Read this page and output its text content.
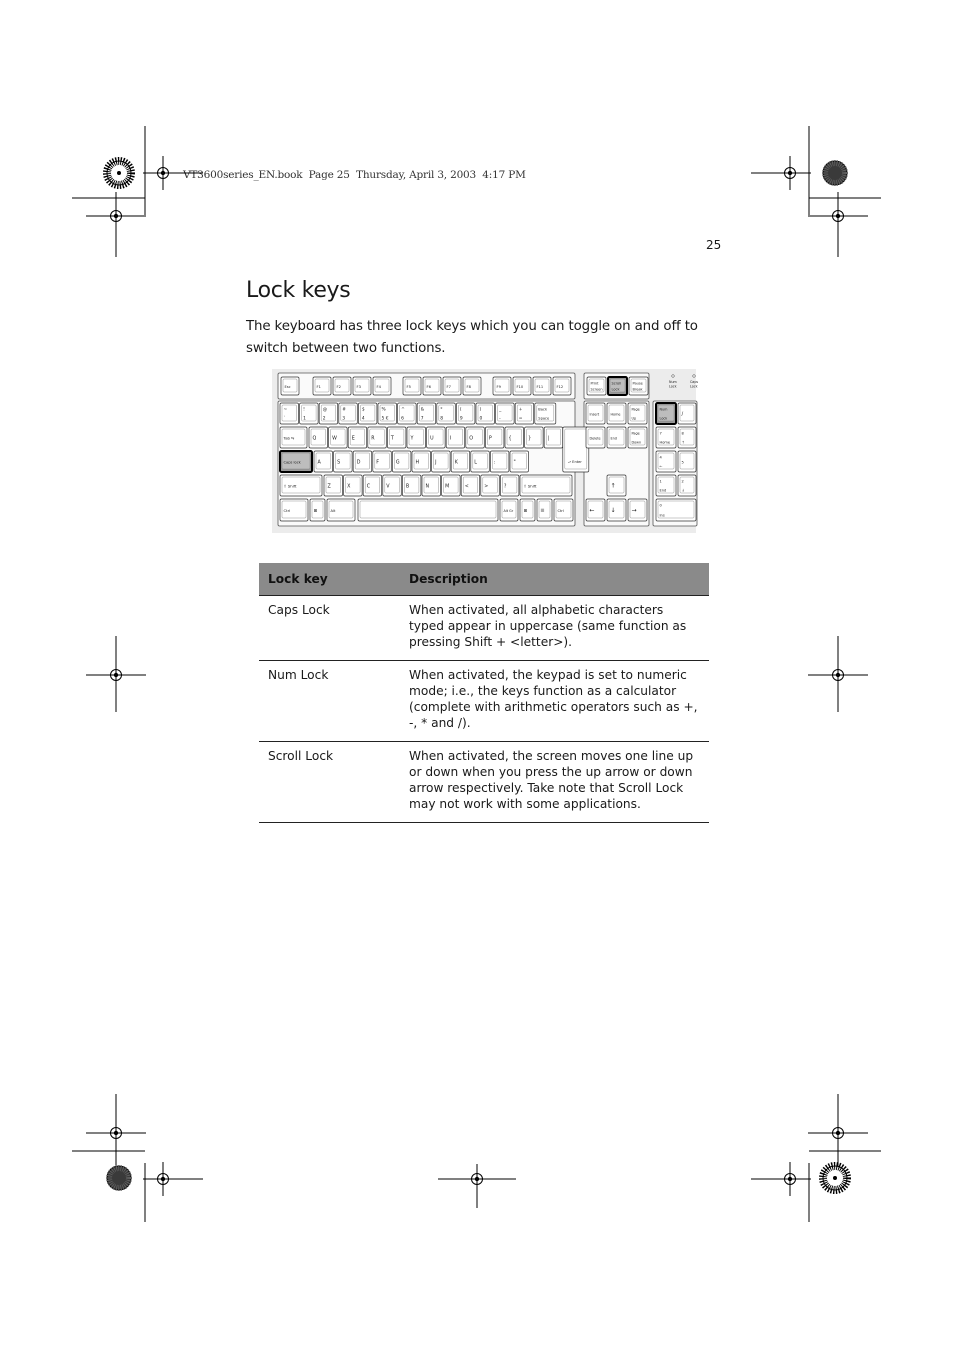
VT3600series_EN.book  Page 25  Thursday, April 3, 2003  4:17 PM
25
Lock keys

The keyboard has three lock keys which you can toggle on and off to switch between two functions.

Num
Lock
Caps
Lock
Esc	F1	F2	F3	F4	F5	F6	F7	F8	F9	F10	F11	F12
Print
Screen
Scroll
Lock
Pause
Break
~
`
!
1
@
2
#
3
$
4
%
5 €
^
6
&
7
*
8
(
9
)
0
_
-
+
=
Back
Space
Tab ⇆	Q	W	E	R	T	Y	U	I	O	P	{	}	|
⮐ Enter
Caps lock	A	S	D	F	G	H	J	K	L	:	"
⇧ Shift	Z	X	C	V	B	N	M	<	>	?	⇧ Shift
Ctrl	⊞	Alt	Alt Gr ⊞	☰	Ctrl
Insert	Home
Page
Up
Delete	End
Page
Down
↑
←	↓	→
Num
Lock
/
7
Home
8
↑
4
←
5
1
End
2
↓
0
Ins
Lock key	Description
Caps Lock	When activated, all alphabetic characters typed appear in uppercase (same function as pressing Shift + <letter>).
Num Lock	When activated, the keypad is set to numeric mode; i.e., the keys function as a calculator (complete with arithmetic operators such as +, -, * and /).
Scroll Lock	When activated, the screen moves one line up or down when you press the up arrow or down arrow respectively. Take note that Scroll Lock may not work with some applications.
